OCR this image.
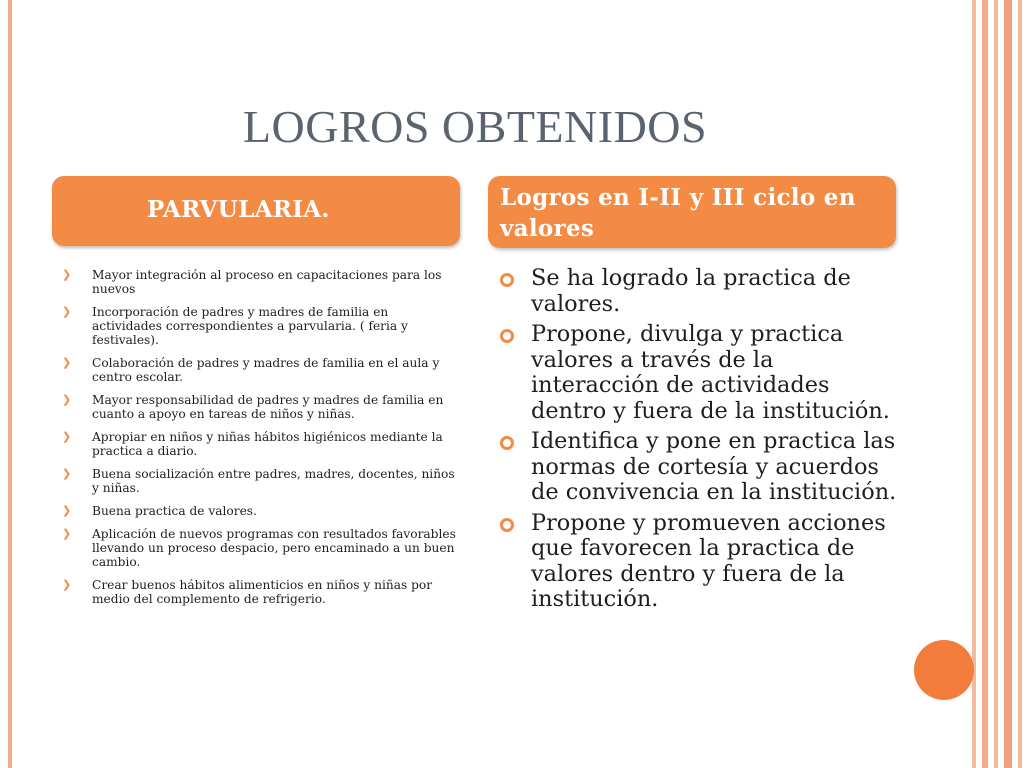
LOGROS OBTENIDOS
PARVULARIA.	Logros en I-II y III ciclo en valores
❯ Mayor integración al proceso en capacitaciones para los nuevos
❯ Incorporación de padres y madres de familia en actividades correspondientes a parvularia. ( feria y festivales).
❯ Colaboración de padres y madres de familia en el aula y centro escolar.
❯ Mayor responsabilidad de padres y madres de familia en cuanto a apoyo en tareas de niños y niñas.
❯ Apropiar en niños y niñas hábitos higiénicos mediante la practica a diario.
❯ Buena socialización entre padres, madres, docentes, niños y niñas.
❯ Buena practica de valores.
❯ Aplicación de nuevos programas con resultados favorables llevando un proceso despacio, pero encaminado a un buen cambio.
❯ Crear buenos hábitos alimenticios en niños y niñas por medio del complemento de refrigerio.
Se ha logrado la practica de valores.
Propone, divulga y practica valores a través de la interacción de actividades dentro y fuera de la institución.
Identifica y pone en practica las normas de cortesía y acuerdos de convivencia en la institución.
Propone y promueven acciones que favorecen la practica de valores dentro y fuera de la institución.
